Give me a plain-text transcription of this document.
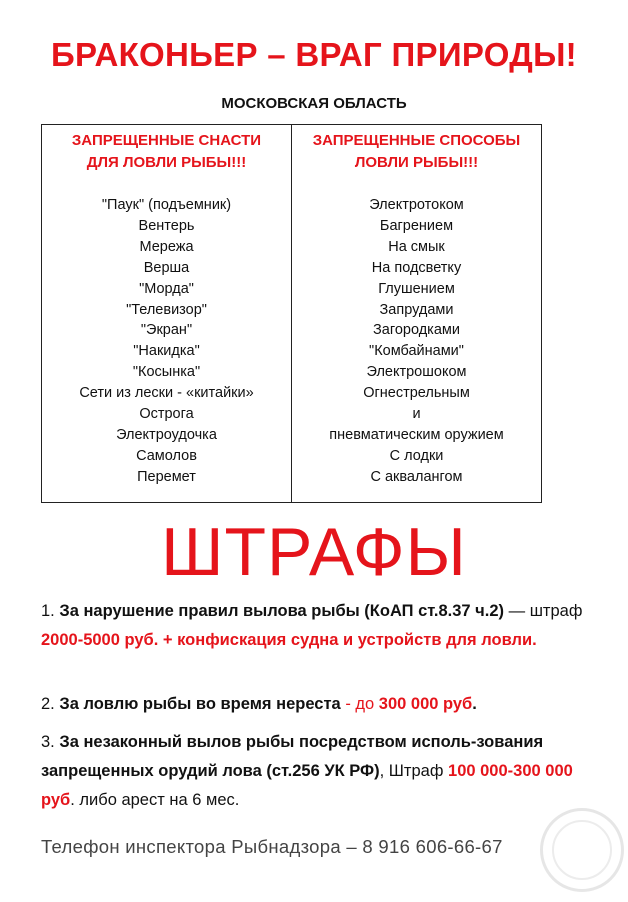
БРАКОНЬЕР – ВРАГ ПРИРОДЫ!
МОСКОВСКАЯ ОБЛАСТЬ
ЗАПРЕЩЕННЫЕ СНАСТИ
ДЛЯ ЛОВЛИ РЫБЫ!!!
"Паук" (подъемник)
Вентерь
Мережа
Верша
"Морда"
"Телевизор"
"Экран"
"Накидка"
"Косынка"
Сети из лески - «китайки»
Острога
Электроудочка
Самолов
Перемет
ЗАПРЕЩЕННЫЕ СПОСОБЫ
ЛОВЛИ РЫБЫ!!!
Электротоком
Багрением
На смык
На подсветку
Глушением
Запрудами
Загородками
"Комбайнами"
Электрошоком
Огнестрельным
и
пневматическим оружием
С лодки
С аквалангом
ШТРАФЫ
1. За нарушение правил вылова рыбы (КоАП ст.8.37 ч.2) — штраф 2000-5000 руб. + конфискация судна и устройств для ловли.
2. За ловлю рыбы во время нереста - до 300 000 руб.
3. За незаконный вылов рыбы посредством исполь-зования запрещенных орудий лова (ст.256 УК РФ), Штраф 100 000-300 000 руб. либо арест на 6 мес.
Телефон инспектора Рыбнадзора – 8 916 606-66-67
